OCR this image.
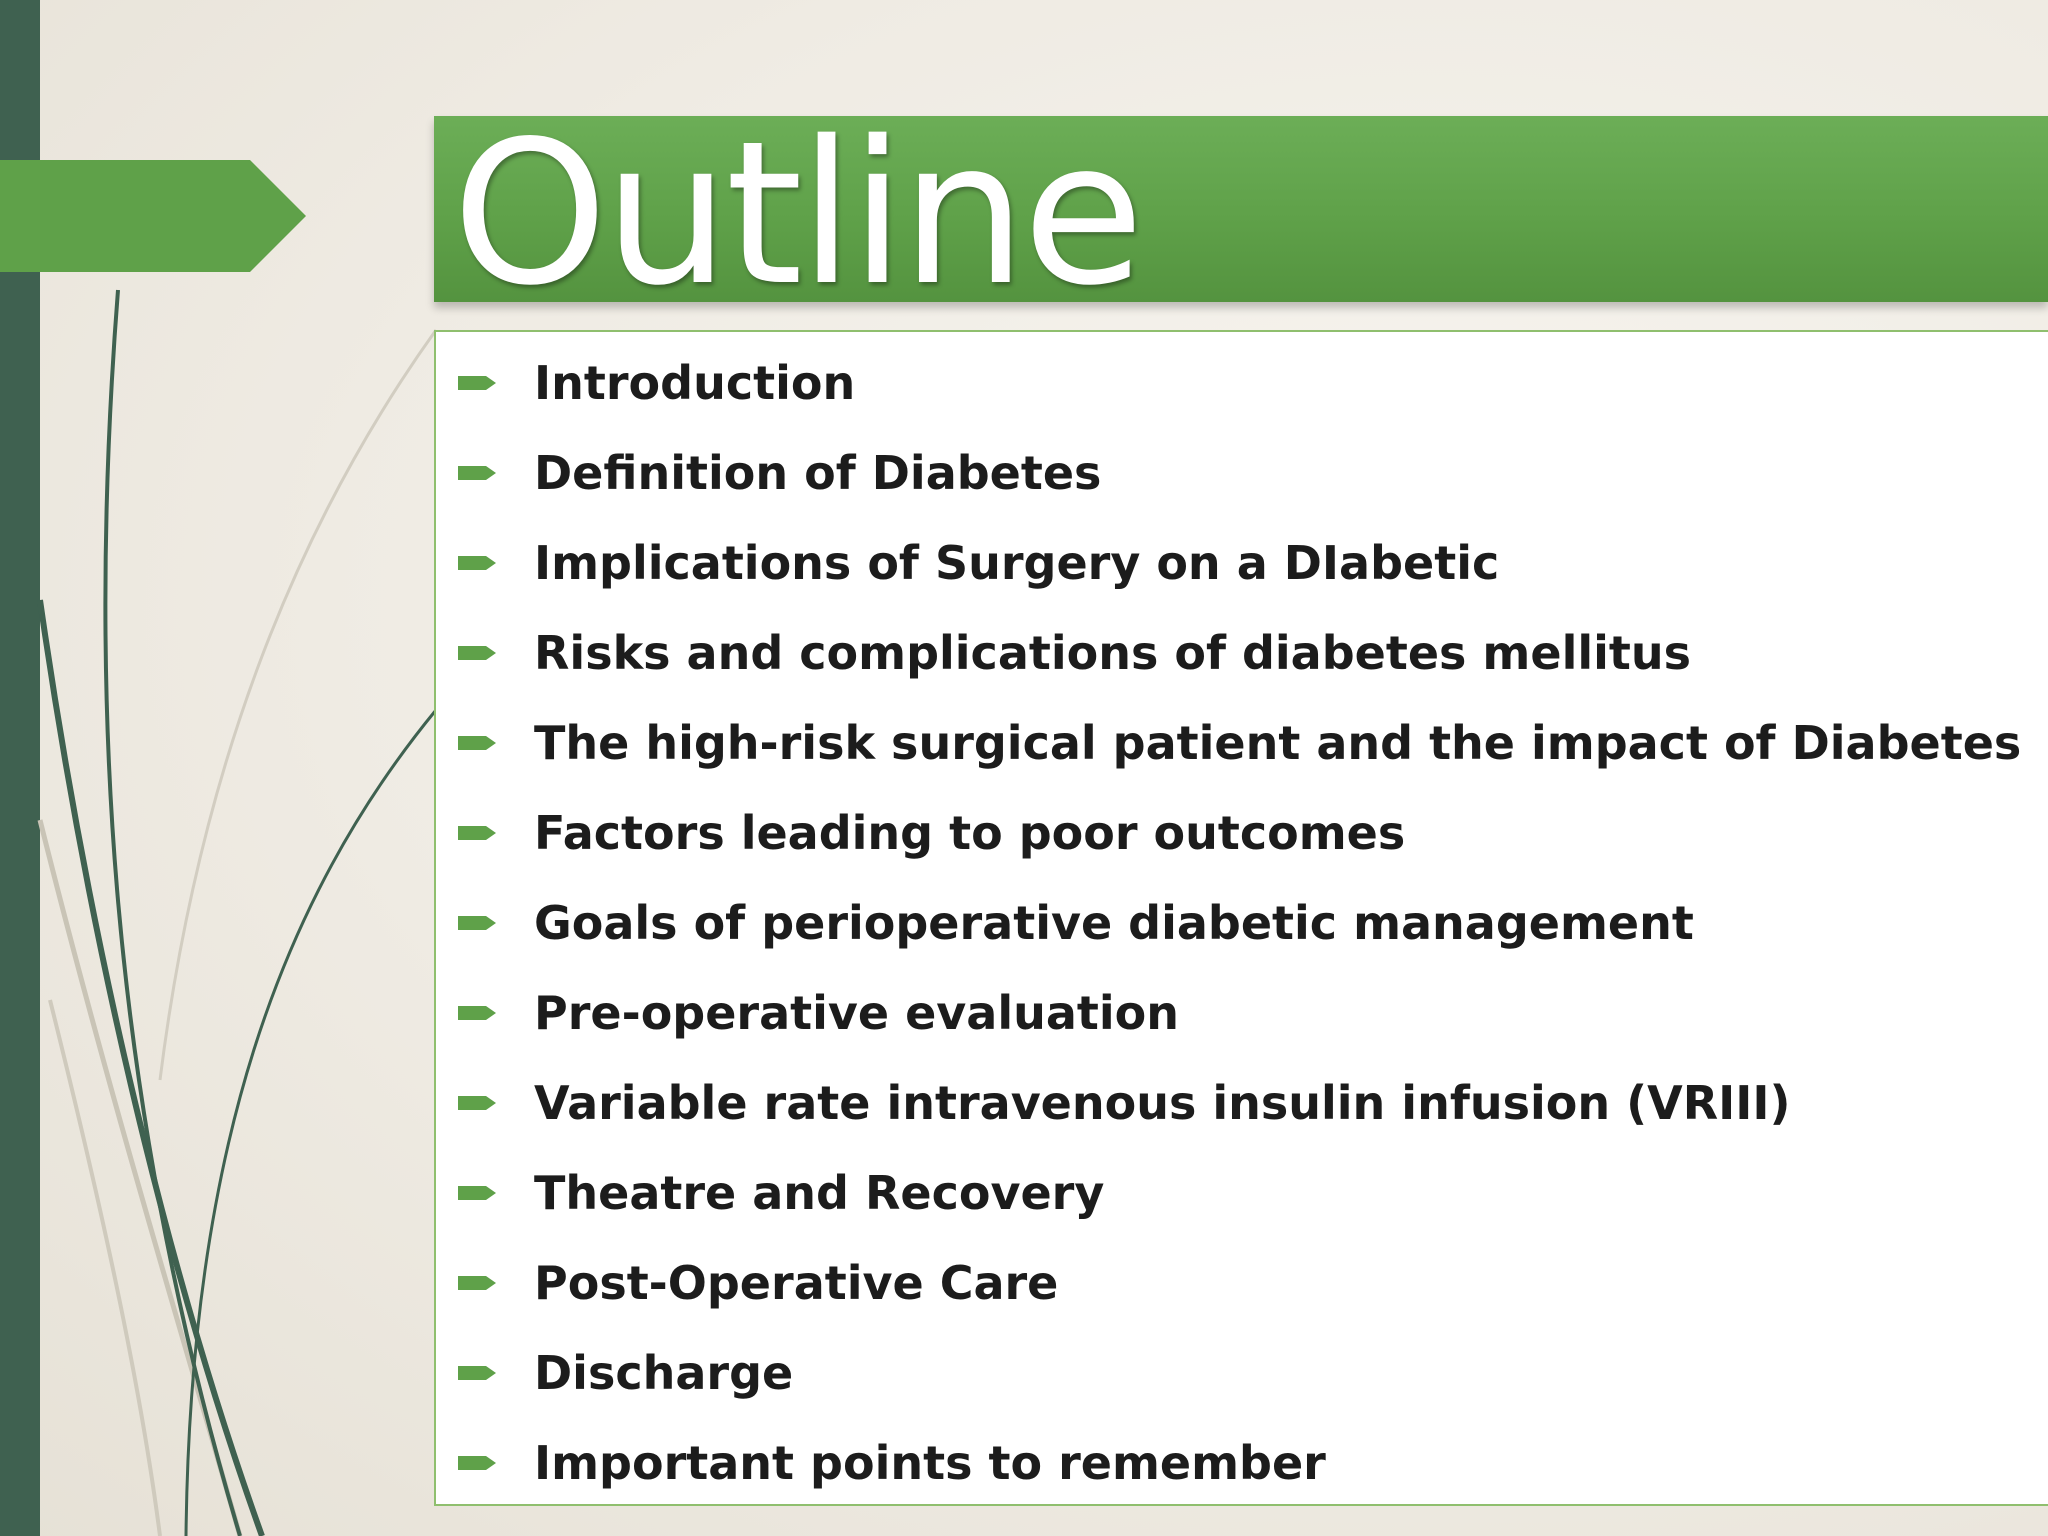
Outline
Introduction
Definition of Diabetes
Implications of Surgery on a DIabetic
Risks and complications of diabetes mellitus
The high-risk surgical patient and the impact of Diabetes
Factors leading to poor outcomes
Goals of perioperative diabetic management
Pre-operative evaluation
Variable rate intravenous insulin infusion (VRIII)
Theatre and Recovery
Post-Operative Care
Discharge
Important points to remember
